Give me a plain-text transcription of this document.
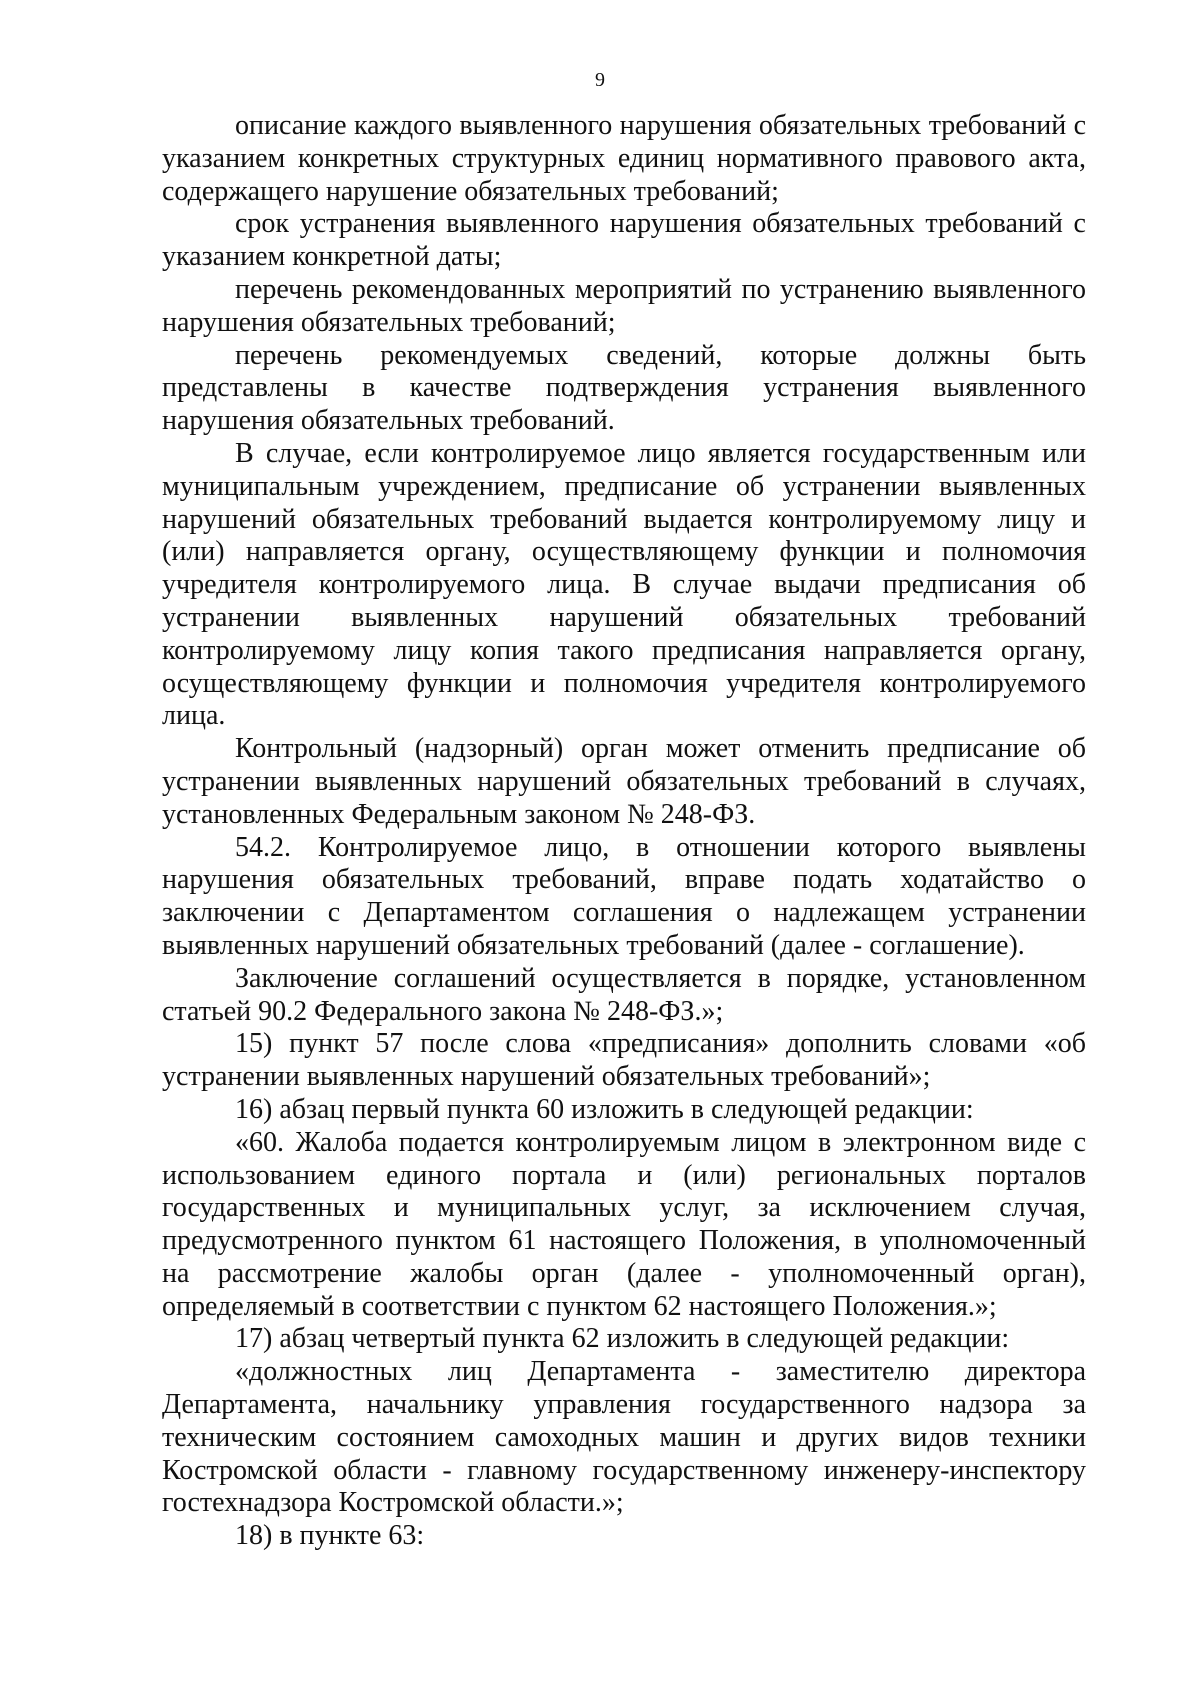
9

описание каждого выявленного нарушения обязательных требований с указанием конкретных структурных единиц нормативного правового акта, содержащего нарушение обязательных требований;

срок устранения выявленного нарушения обязательных требований с указанием конкретной даты;

перечень рекомендованных мероприятий по устранению выявленного нарушения обязательных требований;

перечень рекомендуемых сведений, которые должны быть представлены в качестве подтверждения устранения выявленного нарушения обязательных требований.

В случае, если контролируемое лицо является государственным или муниципальным учреждением, предписание об устранении выявленных нарушений обязательных требований выдается контролируемому лицу и (или) направляется органу, осуществляющему функции и полномочия учредителя контролируемого лица. В случае выдачи предписания об устранении выявленных нарушений обязательных требований контролируемому лицу копия такого предписания направляется органу, осуществляющему функции и полномочия учредителя контролируемого лица.

Контрольный (надзорный) орган может отменить предписание об устранении выявленных нарушений обязательных требований в случаях, установленных Федеральным законом № 248-ФЗ.

54.2. Контролируемое лицо, в отношении которого выявлены нарушения обязательных требований, вправе подать ходатайство о заключении с Департаментом соглашения о надлежащем устранении выявленных нарушений обязательных требований (далее - соглашение).

Заключение соглашений осуществляется в порядке, установленном статьей 90.2 Федерального закона № 248-ФЗ.»;

15) пункт 57 после слова «предписания» дополнить словами «об устранении выявленных нарушений обязательных требований»;

16) абзац первый пункта 60 изложить в следующей редакции:

«60. Жалоба подается контролируемым лицом в электронном виде с использованием единого портала и (или) региональных порталов государственных и муниципальных услуг, за исключением случая, предусмотренного пунктом 61 настоящего Положения, в уполномоченный на рассмотрение жалобы орган (далее - уполномоченный орган), определяемый в соответствии с пунктом 62 настоящего Положения.»;

17) абзац четвертый пункта 62 изложить в следующей редакции:

«должностных лиц Департамента - заместителю директора Департамента, начальнику управления государственного надзора за техническим состоянием самоходных машин и других видов техники Костромской области - главному государственному инженеру-инспектору гостехнадзора Костромской области.»;

18) в пункте 63:
